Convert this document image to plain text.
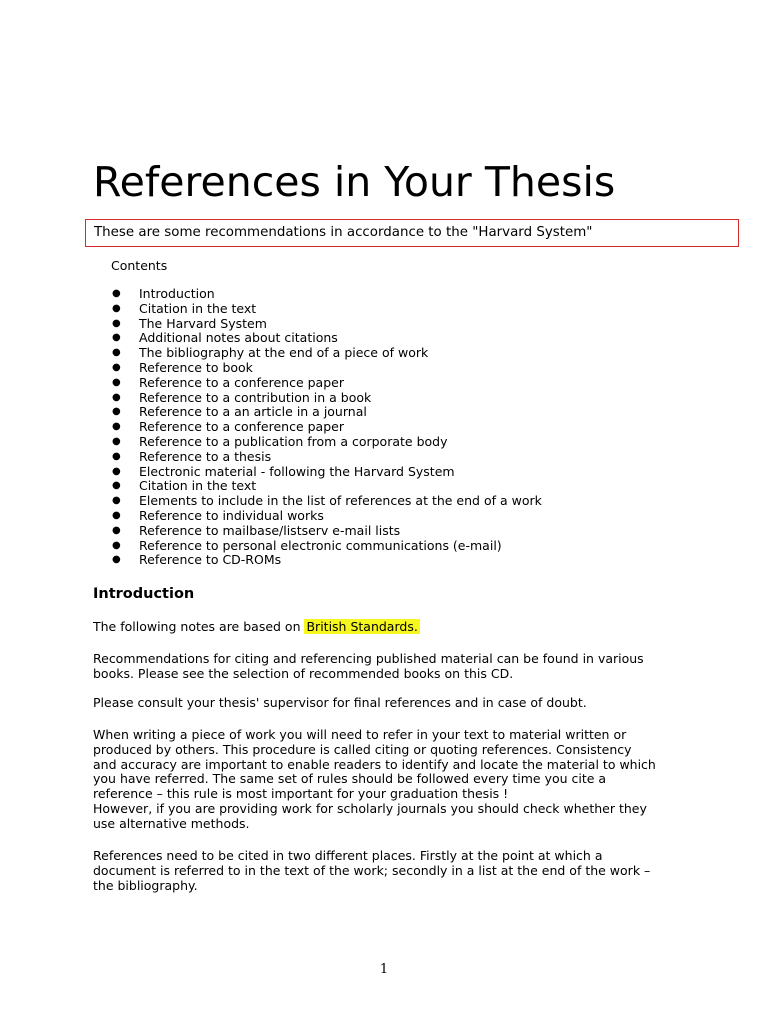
References in Your Thesis
These are some recommendations in accordance to the "Harvard System"
Contents
● Introduction
● Citation in the text
● The Harvard System
● Additional notes about citations
● The bibliography at the end of a piece of work
● Reference to book
● Reference to a conference paper
● Reference to a contribution in a book
● Reference to a an article in a journal
● Reference to a conference paper
● Reference to a publication from a corporate body
● Reference to a thesis
● Electronic material - following the Harvard System
● Citation in the text
● Elements to include in the list of references at the end of a work
● Reference to individual works
● Reference to mailbase/listserv e-mail lists
● Reference to personal electronic communications (e-mail)
● Reference to CD-ROMs
Introduction

The following notes are based on British Standards.

Recommendations for citing and referencing published material can be found in various
books. Please see the selection of recommended books on this CD.

Please consult your thesis' supervisor for final references and in case of doubt.

When writing a piece of work you will need to refer in your text to material written or
produced by others. This procedure is called citing or quoting references. Consistency
and accuracy are important to enable readers to identify and locate the material to which
you have referred. The same set of rules should be followed every time you cite a
reference – this rule is most important for your graduation thesis !
However, if you are providing work for scholarly journals you should check whether they
use alternative methods.

References need to be cited in two different places. Firstly at the point at which a
document is referred to in the text of the work; secondly in a list at the end of the work –
the bibliography.

1
